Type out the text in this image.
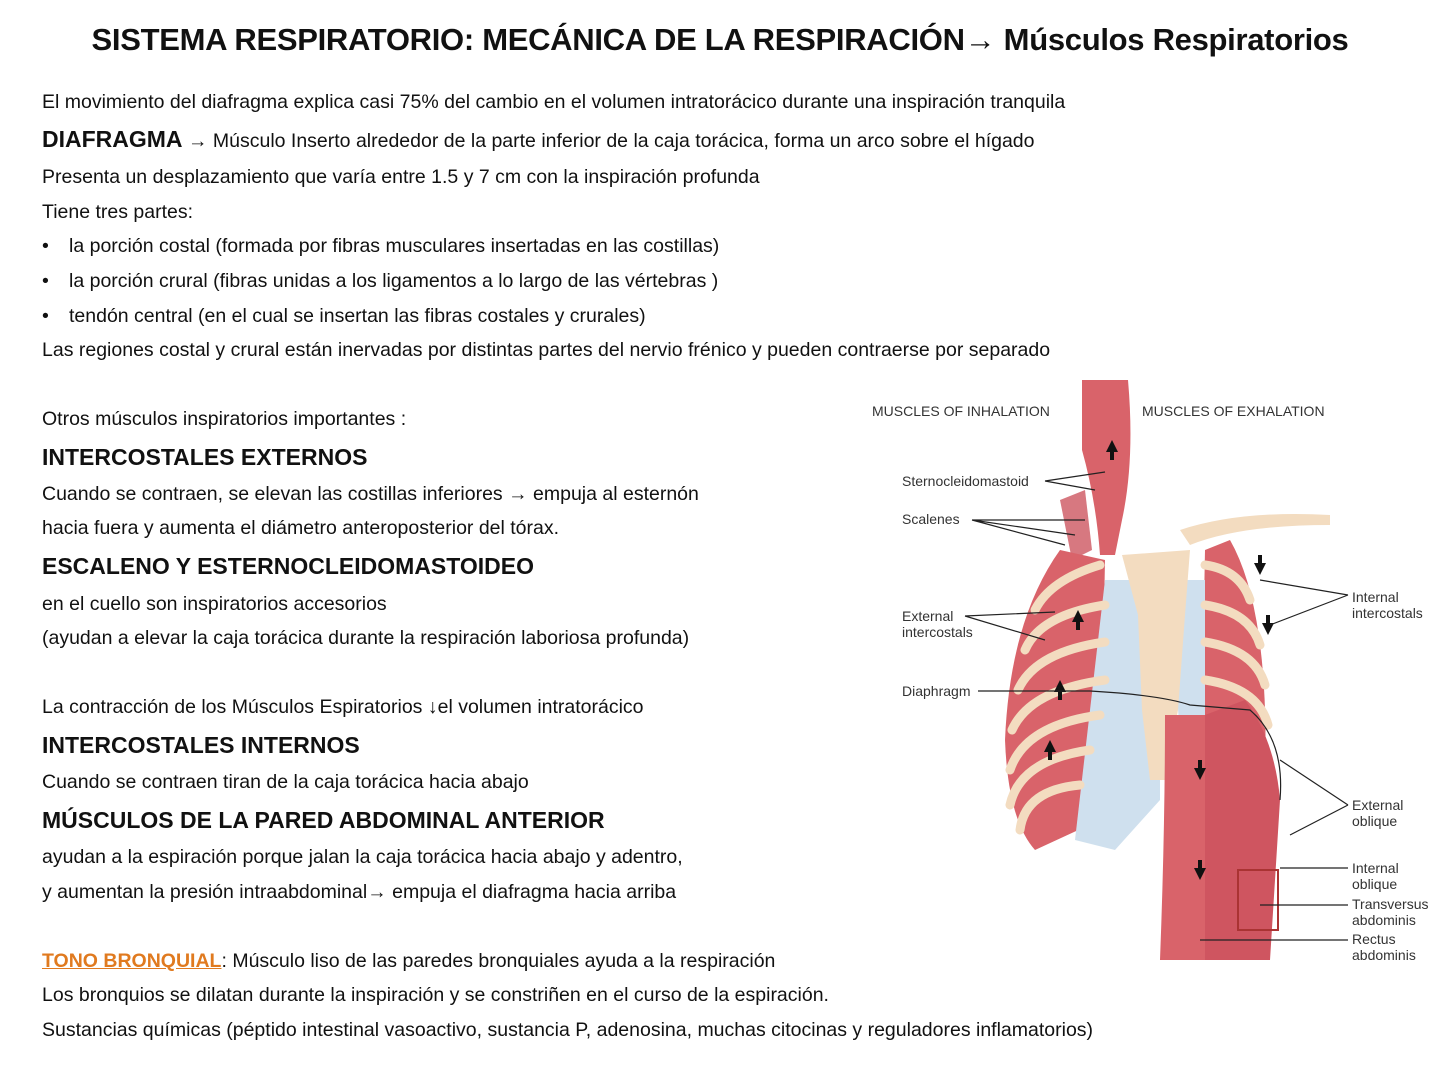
SISTEMA RESPIRATORIO: MECÁNICA DE LA RESPIRACIÓN→ Músculos Respiratorios
El movimiento del diafragma explica casi 75% del cambio en el volumen intratorácico durante una inspiración tranquila
DIAFRAGMA → Músculo Inserto alrededor de la parte inferior de la caja torácica, forma un arco sobre el hígado
Presenta un desplazamiento que varía entre 1.5 y 7 cm con la inspiración profunda
Tiene tres partes:
• la porción costal (formada por fibras musculares insertadas en las costillas)
• la porción crural (fibras unidas a los ligamentos a lo largo de las vértebras )
• tendón central (en el cual se insertan las fibras costales y crurales)
Las regiones costal y crural están inervadas por distintas partes del nervio frénico y pueden contraerse por separado
Otros músculos inspiratorios importantes :
INTERCOSTALES EXTERNOS
Cuando se contraen, se elevan las costillas inferiores → empuja al esternón
hacia fuera y aumenta el diámetro anteroposterior del tórax.
ESCALENO Y ESTERNOCLEIDOMASTOIDEO
en el cuello son inspiratorios accesorios
(ayudan a elevar la caja torácica durante la respiración laboriosa profunda)
La contracción de los Músculos Espiratorios ↓el volumen intratorácico
INTERCOSTALES INTERNOS
Cuando se contraen tiran de la caja torácica hacia abajo
MÚSCULOS DE LA PARED ABDOMINAL ANTERIOR
ayudan a la espiración porque jalan la caja torácica hacia abajo y adentro,
y aumentan la presión intraabdominal→ empuja el diafragma hacia arriba
TONO BRONQUIAL: Músculo liso de las paredes bronquiales ayuda a la respiración
Los bronquios se dilatan durante la inspiración y se constriñen en el curso de la espiración.
Sustancias químicas (péptido intestinal vasoactivo, sustancia P, adenosina, muchas citocinas y reguladores inflamatorios)
MUSCLES OF INHALATION	MUSCLES OF EXHALATION
Sternocleidomastoid
Scalenes
External
intercostals
Diaphragm
Internal
intercostals
External
oblique
Internal
oblique
Transversus
abdominis
Rectus
abdominis
